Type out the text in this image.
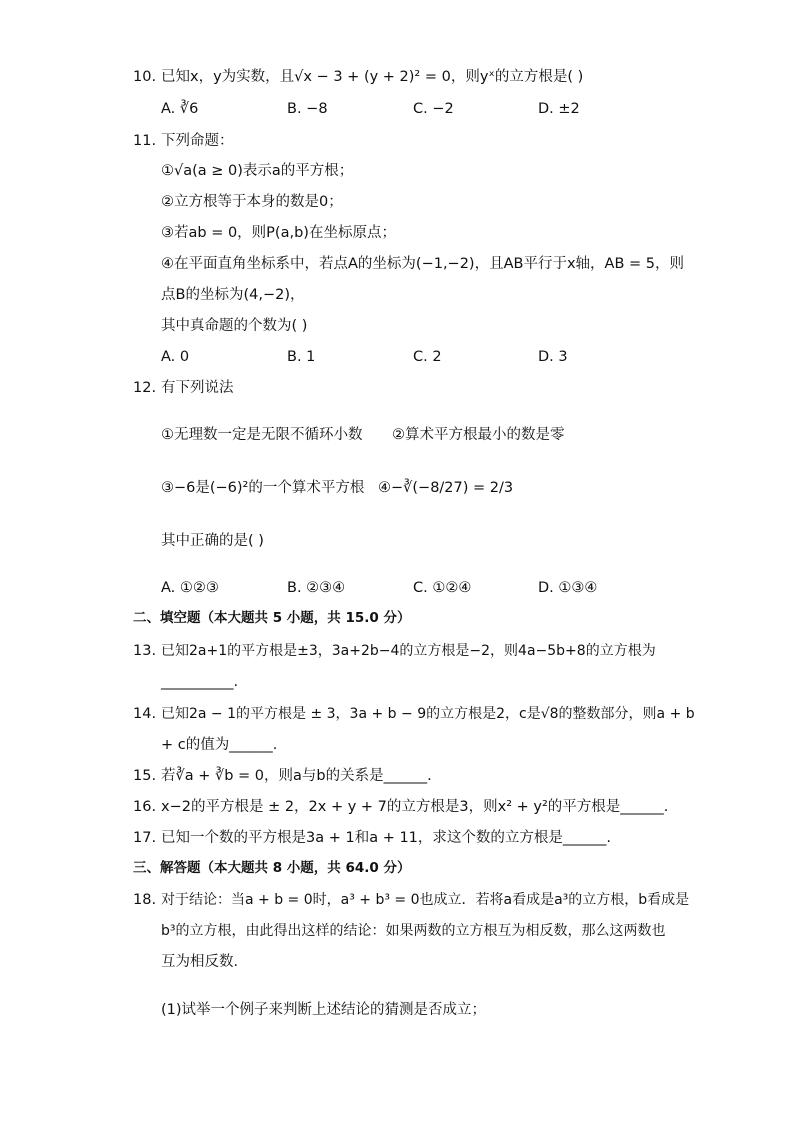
10. 已知x，y为实数，且√x − 3 + (y + 2)² = 0，则yˣ的立方根是( )
A. ∛6	B. −8	C. −2	D. ±2
11. 下列命题：
①√a(a ≥ 0)表示a的平方根；
②立方根等于本身的数是0；
③若ab = 0，则P(a,b)在坐标原点；
④在平面直角坐标系中，若点A的坐标为(−1,−2)，且AB平行于x轴，AB = 5，则
点B的坐标为(4,−2)，
其中真命题的个数为( )
A. 0	B. 1	C. 2	D. 3
12. 有下列说法
①无理数一定是无限不循环小数 ②算术平方根最小的数是零
③−6是(−6)²的一个算术平方根 ④−∛(−8/27) = 2/3
其中正确的是( )
A. ①②③	B. ②③④	C. ①②④	D. ①③④
二、填空题（本大题共 5 小题，共 15.0 分）
13. 已知2a+1的平方根是±3，3a+2b−4的立方根是−2，则4a−5b+8的立方根为
__________.
14. 已知2a − 1的平方根是 ± 3，3a + b − 9的立方根是2，c是√8的整数部分，则a + b
+ c的值为______.
15. 若∛a + ∛b = 0，则a与b的关系是______.
16. x−2的平方根是 ± 2，2x + y + 7的立方根是3，则x² + y²的平方根是______.
17. 已知一个数的平方根是3a + 1和a + 11，求这个数的立方根是______.
三、解答题（本大题共 8 小题，共 64.0 分）
18. 对于结论：当a + b = 0时，a³ + b³ = 0也成立．若将a看成是a³的立方根，b看成是
b³的立方根，由此得出这样的结论：如果两数的立方根互为相反数，那么这两数也
互为相反数．
(1)试举一个例子来判断上述结论的猜测是否成立；
